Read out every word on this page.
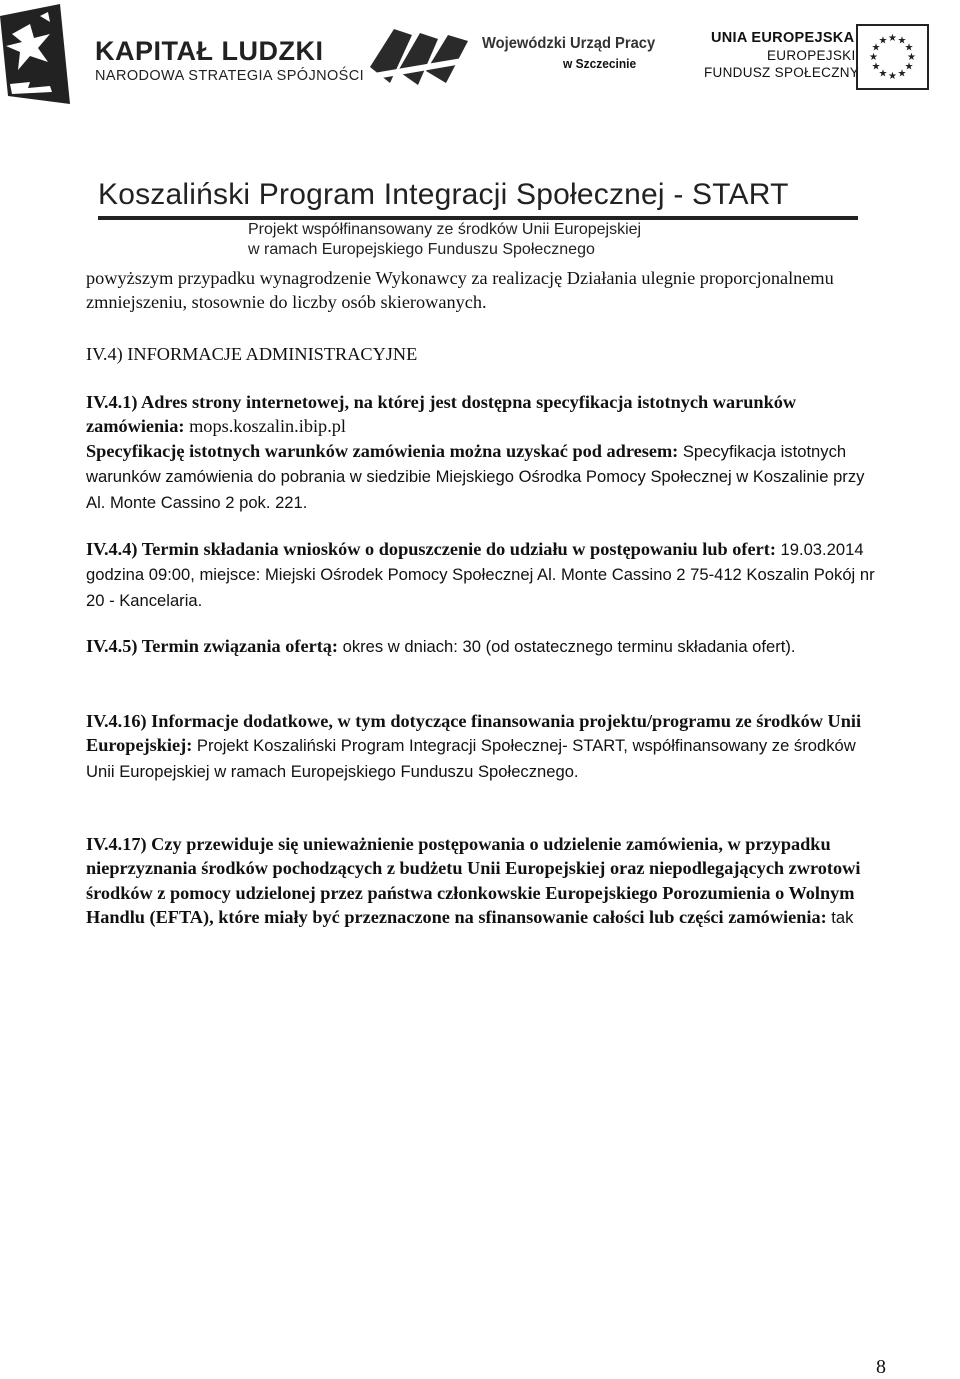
KAPITAŁ LUDZKI
NARODOWA STRATEGIA SPÓJNOŚCI
Wojewódzki Urząd Pracy
w Szczecinie
UNIA EUROPEJSKA
EUROPEJSKI
FUNDUSZ SPOŁECZNY
★ ★
★
★
★
★
★
★
★
★
★
★
Koszaliński Program Integracji Społecznej - START
Projekt współfinansowany ze środków Unii Europejskiej
w ramach Europejskiego Funduszu Społecznego

powyższym przypadku wynagrodzenie Wykonawcy za realizację Działania ulegnie proporcjonalnemu zmniejszeniu, stosownie do liczby osób skierowanych.

IV.4) INFORMACJE ADMINISTRACYJNE

IV.4.1) Adres strony internetowej, na której jest dostępna specyfikacja istotnych warunków zamówienia: mops.koszalin.ibip.pl

Specyfikację istotnych warunków zamówienia można uzyskać pod adresem: Specyfikacja istotnych warunków zamówienia do pobrania w siedzibie Miejskiego Ośrodka Pomocy Społecznej w Koszalinie przy Al. Monte Cassino 2 pok. 221.

IV.4.4) Termin składania wniosków o dopuszczenie do udziału w postępowaniu lub ofert: 19.03.2014 godzina 09:00, miejsce: Miejski Ośrodek Pomocy Społecznej Al. Monte Cassino 2 75-412 Koszalin Pokój nr 20 - Kancelaria.

IV.4.5) Termin związania ofertą: okres w dniach: 30 (od ostatecznego terminu składania ofert).

IV.4.16) Informacje dodatkowe, w tym dotyczące finansowania projektu/programu ze środków Unii Europejskiej: Projekt Koszaliński Program Integracji Społecznej- START, współfinansowany ze środków Unii Europejskiej w ramach Europejskiego Funduszu Społecznego.

IV.4.17) Czy przewiduje się unieważnienie postępowania o udzielenie zamówienia, w przypadku nieprzyznania środków pochodzących z budżetu Unii Europejskiej oraz niepodlegających zwrotowi środków z pomocy udzielonej przez państwa członkowskie Europejskiego Porozumienia o Wolnym Handlu (EFTA), które miały być przeznaczone na sfinansowanie całości lub części zamówienia: tak

8
